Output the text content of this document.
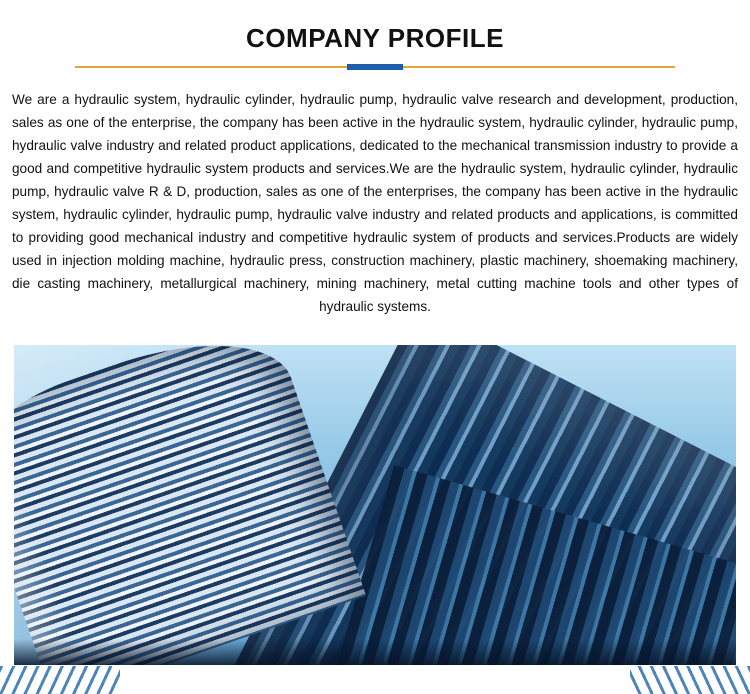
COMPANY PROFILE

We are a hydraulic system, hydraulic cylinder, hydraulic pump, hydraulic valve research and development, production, sales as one of the enterprise, the company has been active in the hydraulic system, hydraulic cylinder, hydraulic pump, hydraulic valve industry and related product applications, dedicated to the mechanical transmission industry to provide a good and competitive hydraulic system products and services.We are the hydraulic system, hydraulic cylinder, hydraulic pump, hydraulic valve R & D, production, sales as one of the enterprises, the company has been active in the hydraulic system, hydraulic cylinder, hydraulic pump, hydraulic valve industry and related products and applications, is committed to providing good mechanical industry and competitive hydraulic system of products and services.Products are widely used in injection molding machine, hydraulic press, construction machinery, plastic machinery, shoemaking machinery, die casting machinery, metallurgical machinery, mining machinery, metal cutting machine tools and other types of hydraulic systems.
